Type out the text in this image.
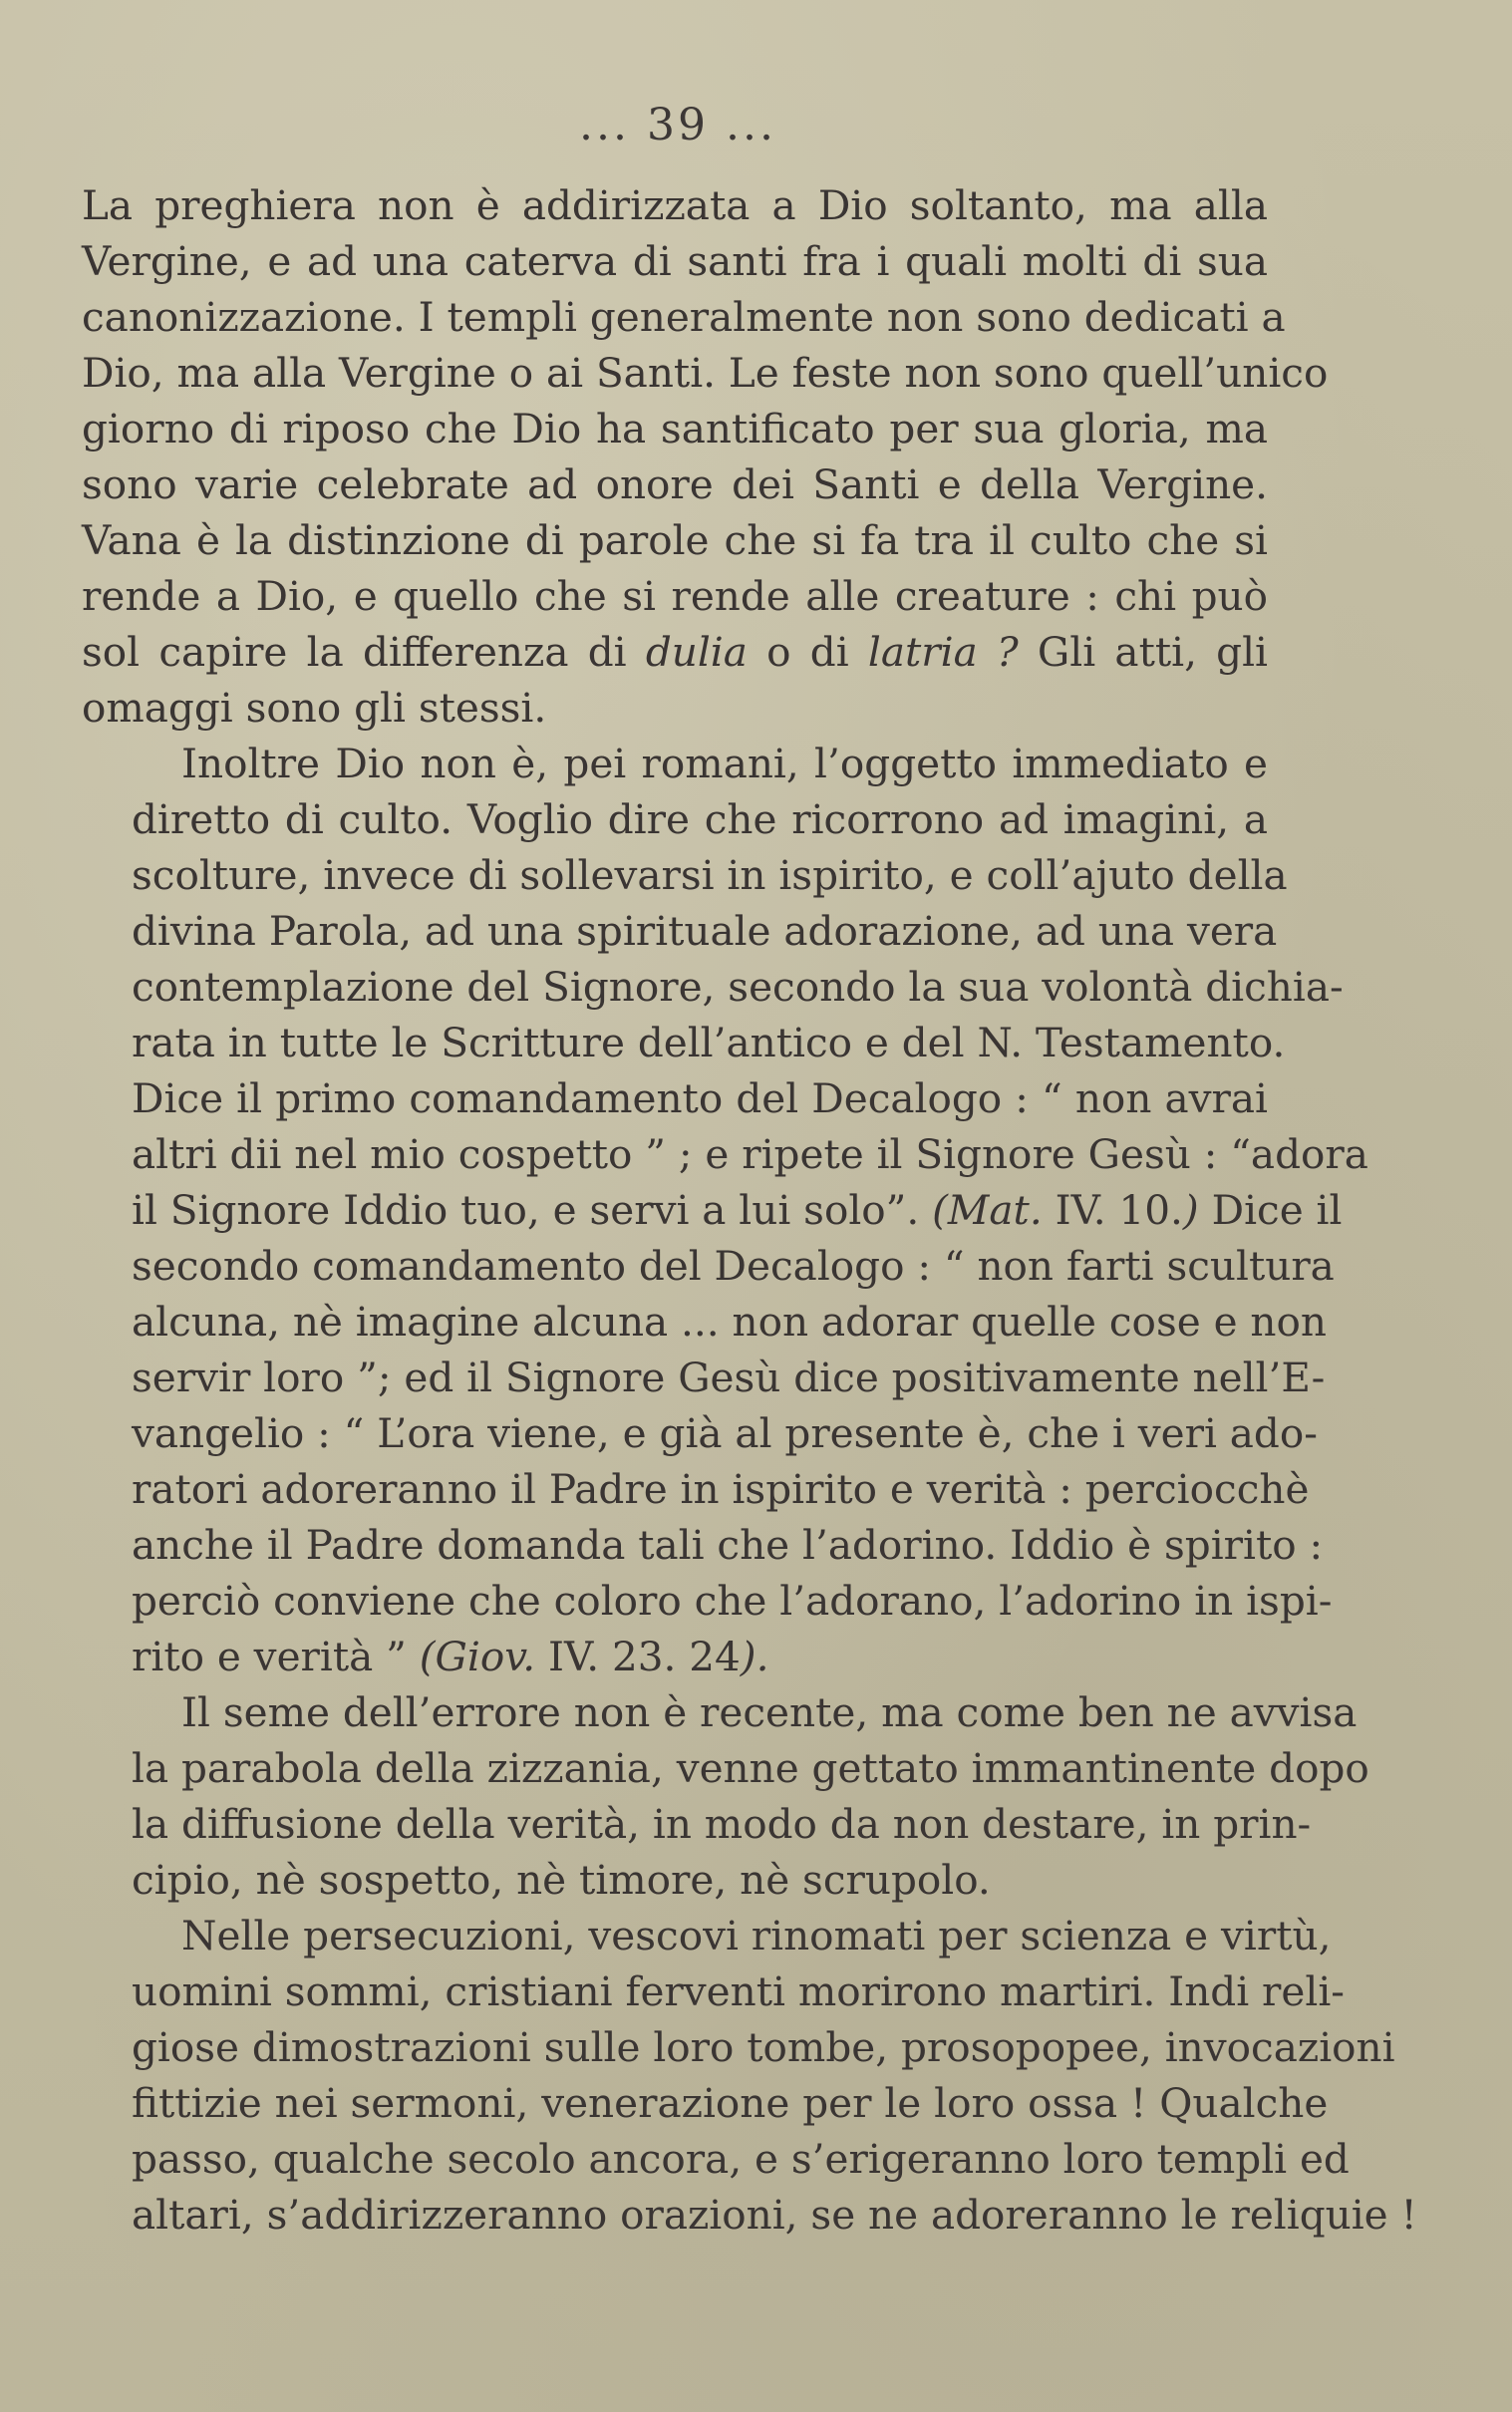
... 39 ...
La preghiera non è addirizzata a Dio soltanto, ma alla
Vergine, e ad una caterva di santi fra i quali molti di sua
canonizzazione. I templi generalmente non sono dedicati a
Dio, ma alla Vergine o ai Santi. Le feste non sono quell’unico
giorno di riposo che Dio ha santificato per sua gloria, ma
sono varie celebrate ad onore dei Santi e della Vergine.
Vana è la distinzione di parole che si fa tra il culto che si
rende a Dio, e quello che si rende alle creature : chi può
sol capire la differenza di dulia o di latria ? Gli atti, gli
omaggi sono gli stessi.
Inoltre Dio non è, pei romani, l’oggetto immediato e
diretto di culto. Voglio dire che ricorrono ad imagini, a
scolture, invece di sollevarsi in ispirito, e coll’ajuto della
divina Parola, ad una spirituale adorazione, ad una vera
contemplazione del Signore, secondo la sua volontà dichia-
rata in tutte le Scritture dell’antico e del N. Testamento.
Dice il primo comandamento del Decalogo : “ non avrai
altri dii nel mio cospetto ” ; e ripete il Signore Gesù : “adora
il Signore Iddio tuo, e servi a lui solo”. (Mat. IV. 10.) Dice il
secondo comandamento del Decalogo : “ non farti scultura
alcuna, nè imagine alcuna ... non adorar quelle cose e non
servir loro ”; ed il Signore Gesù dice positivamente nell’E-
vangelio : “ L’ora viene, e già al presente è, che i veri ado-
ratori adoreranno il Padre in ispirito e verità : perciocchè
anche il Padre domanda tali che l’adorino. Iddio è spirito :
perciò conviene che coloro che l’adorano, l’adorino in ispi-
rito e verità ” (Giov. IV. 23. 24).
Il seme dell’errore non è recente, ma come ben ne avvisa
la parabola della zizzania, venne gettato immantinente dopo
la diffusione della verità, in modo da non destare, in prin-
cipio, nè sospetto, nè timore, nè scrupolo.
Nelle persecuzioni, vescovi rinomati per scienza e virtù,
uomini sommi, cristiani ferventi morirono martiri. Indi reli-
giose dimostrazioni sulle loro tombe, prosopopee, invocazioni
fittizie nei sermoni, venerazione per le loro ossa ! Qualche
passo, qualche secolo ancora, e s’erigeranno loro templi ed
altari, s’addirizzeranno orazioni, se ne adoreranno le reliquie !
